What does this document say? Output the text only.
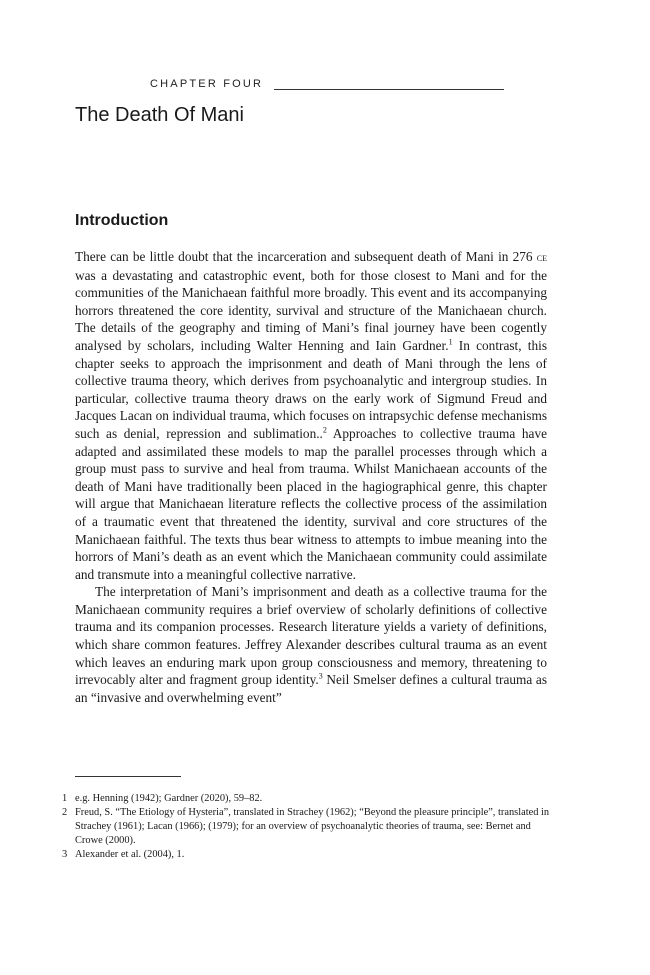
CHAPTER FOUR
The Death Of Mani
Introduction

There can be little doubt that the incarceration and subsequent death of Mani in 276 ce was a devastating and catastrophic event, both for those closest to Mani and for the communities of the Manichaean faithful more broadly. This event and its accompanying horrors threatened the core identity, survival and structure of the Manichaean church. The details of the geography and timing of Mani’s final journey have been cogently analysed by scholars, including Walter Henning and Iain Gardner.$^1$ In contrast, this chapter seeks to approach the imprisonment and death of Mani through the lens of collective trauma theory, which derives from psychoanalytic and intergroup studies. In particular, collective trauma theory draws on the early work of Sigmund Freud and Jacques Lacan on individual trauma, which focuses on intrapsychic defense mechanisms such as denial, repression and sublimation..$^2$ Approaches to collective trauma have adapted and assimilated these models to map the parallel processes through which a group must pass to survive and heal from trauma. Whilst Manichaean accounts of the death of Mani have traditionally been placed in the hagiographical genre, this chapter will argue that Manichaean literature reflects the collective process of the assimilation of a traumatic event that threatened the identity, survival and core structures of the Manichaean faithful. The texts thus bear witness to attempts to imbue meaning into the horrors of Mani’s death as an event which the Manichaean community could assimilate and transmute into a meaningful collective narrative.

The interpretation of Mani’s imprisonment and death as a collective trauma for the Manichaean community requires a brief overview of scholarly definitions of collective trauma and its companion processes. Research literature yields a variety of definitions, which share common features. Jeffrey Alexander describes cultural trauma as an event which leaves an enduring mark upon group consciousness and memory, threatening to irrevocably alter and fragment group identity.$^3$ Neil Smelser defines a cultural trauma as an “invasive and overwhelming event”

1 e.g. Henning (1942); Gardner (2020), 59–82.
2 Freud, S. “The Etiology of Hysteria”, translated in Strachey (1962); “Beyond the pleasure principle”, translated in Strachey (1961); Lacan (1966); (1979); for an overview of psychoanalytic theories of trauma, see: Bernet and Crowe (2000).
3 Alexander et al. (2004), 1.
